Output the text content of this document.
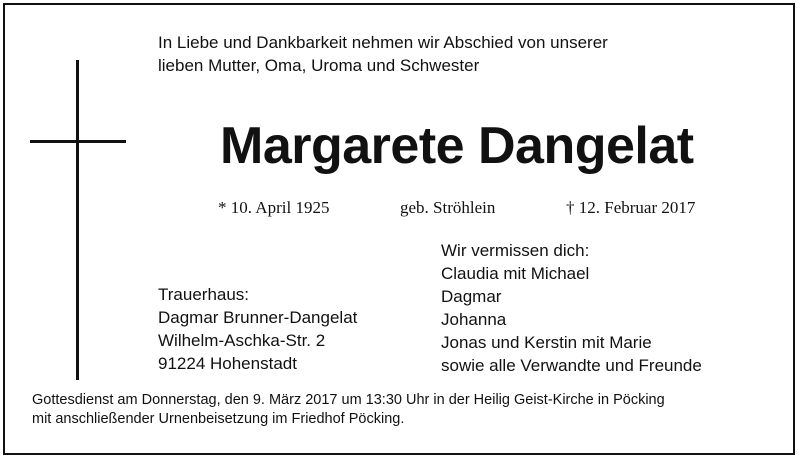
In Liebe und Dankbarkeit nehmen wir Abschied von unserer
lieben Mutter, Oma, Uroma und Schwester
Margarete Dangelat
* 10. April 1925	geb. Ströhlein	† 12. Februar 2017
Trauerhaus:
Dagmar Brunner-Dangelat
Wilhelm-Aschka-Str. 2
91224 Hohenstadt
Wir vermissen dich:
Claudia mit Michael
Dagmar
Johanna
Jonas und Kerstin mit Marie
sowie alle Verwandte und Freunde
Gottesdienst am Donnerstag, den 9. März 2017 um 13:30 Uhr in der Heilig Geist-Kirche in Pöcking
mit anschließender Urnenbeisetzung im Friedhof Pöcking.
